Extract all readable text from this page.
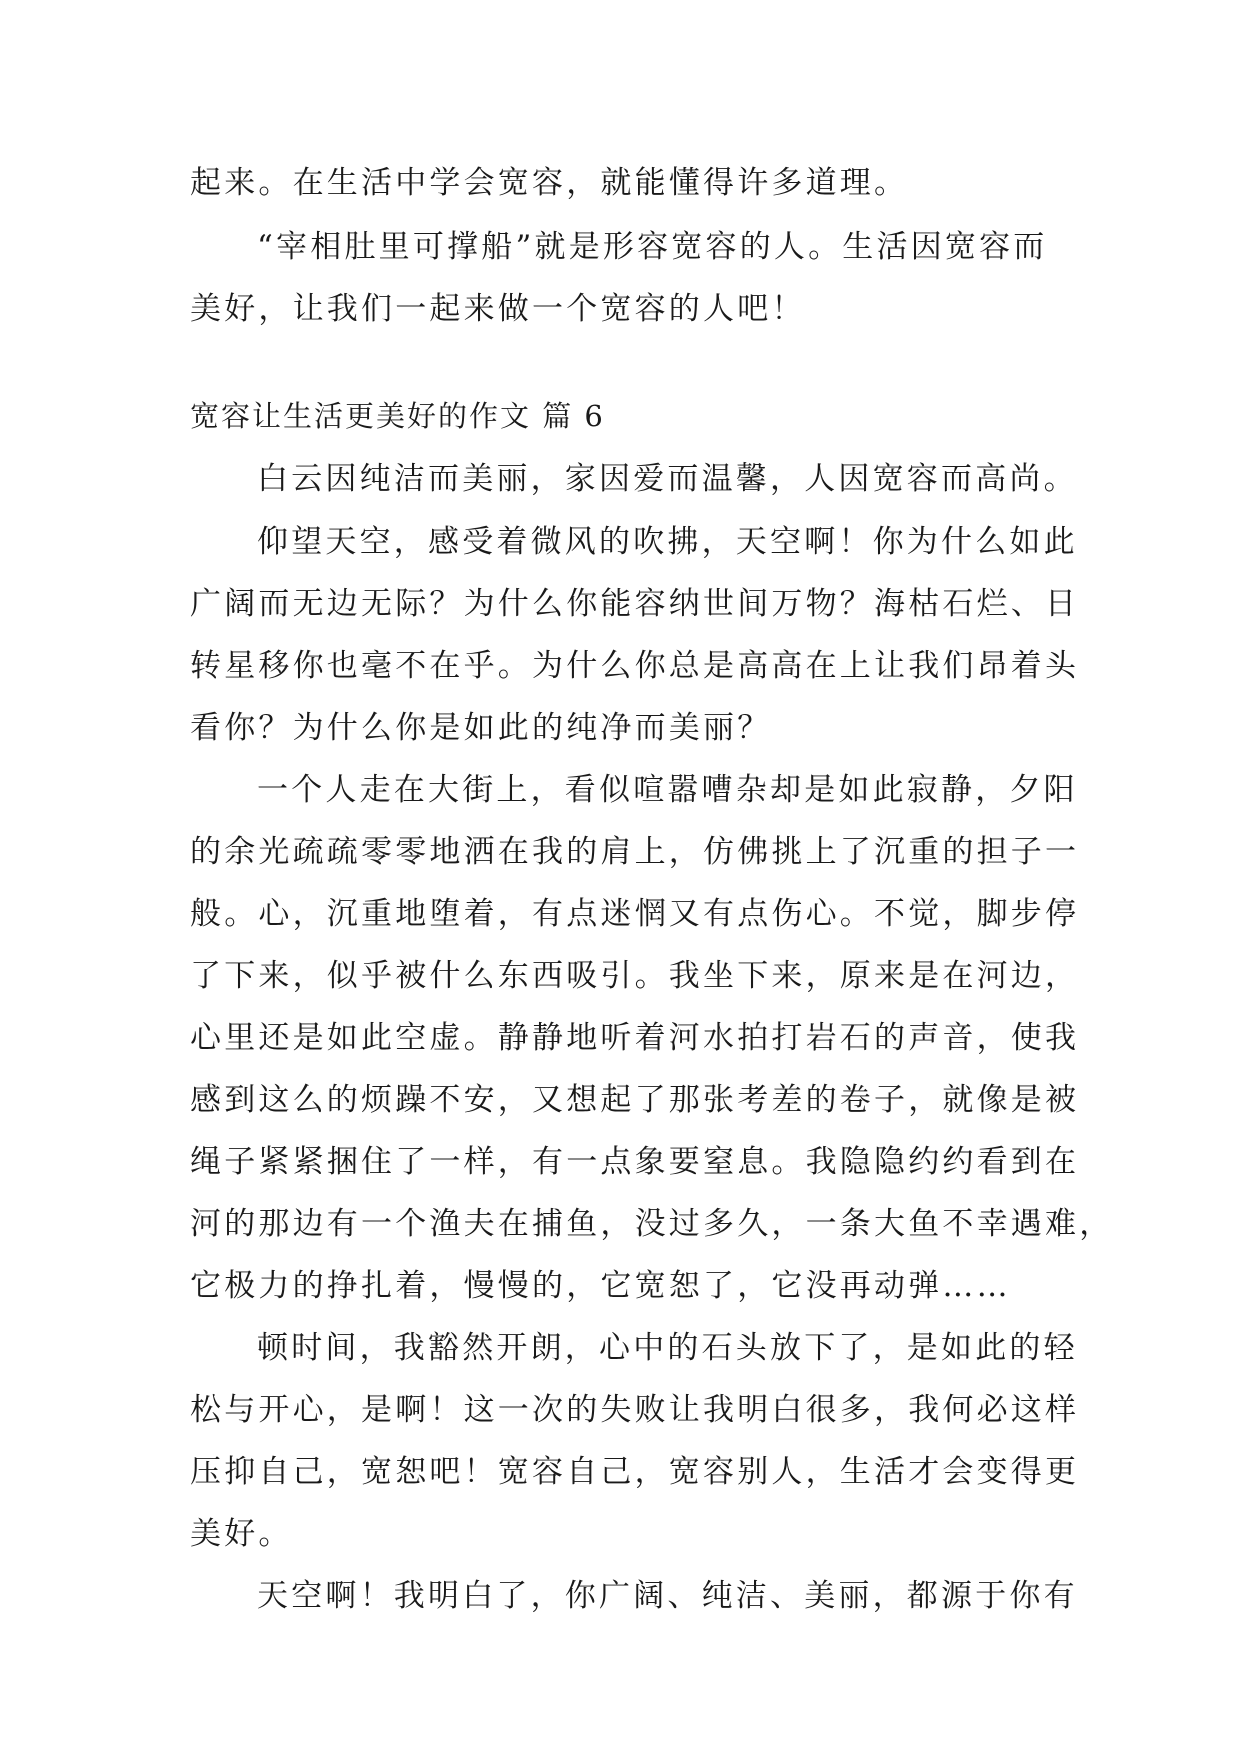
起来。在生活中学会宽容，就能懂得许多道理。
“宰相肚里可撑船”就是形容宽容的人。生活因宽容而
美好，让我们一起来做一个宽容的人吧！
宽容让生活更美好的作文 篇 6
白云因纯洁而美丽，家因爱而温馨，人因宽容而高尚。
仰望天空，感受着微风的吹拂，天空啊！你为什么如此
广阔而无边无际？为什么你能容纳世间万物？海枯石烂、日
转星移你也毫不在乎。为什么你总是高高在上让我们昂着头
看你？为什么你是如此的纯净而美丽？
一个人走在大街上，看似喧嚣嘈杂却是如此寂静，夕阳
的余光疏疏零零地洒在我的肩上，仿佛挑上了沉重的担子一
般。心，沉重地堕着，有点迷惘又有点伤心。不觉，脚步停
了下来，似乎被什么东西吸引。我坐下来，原来是在河边，
心里还是如此空虚。静静地听着河水拍打岩石的声音，使我
感到这么的烦躁不安，又想起了那张考差的卷子，就像是被
绳子紧紧捆住了一样，有一点象要窒息。我隐隐约约看到在
河的那边有一个渔夫在捕鱼，没过多久，一条大鱼不幸遇难，
它极力的挣扎着，慢慢的，它宽恕了，它没再动弹……
顿时间，我豁然开朗，心中的石头放下了，是如此的轻
松与开心，是啊！这一次的失败让我明白很多，我何必这样
压抑自己，宽恕吧！宽容自己，宽容别人，生活才会变得更
美好。
天空啊！我明白了，你广阔、纯洁、美丽，都源于你有
